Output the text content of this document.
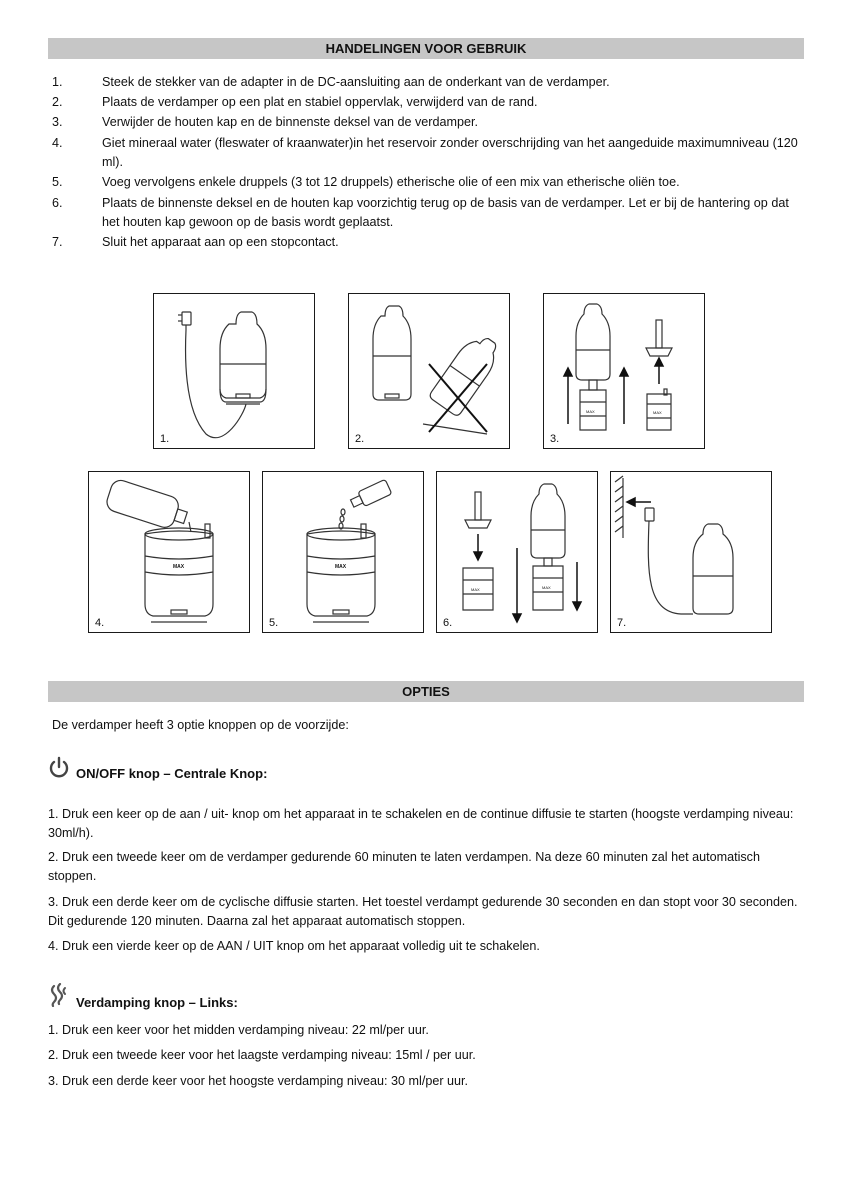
HANDELINGEN VOOR GEBRUIK
1.	Steek de stekker van de adapter in de DC-aansluiting aan de onderkant van de verdamper.
2.	Plaats de verdamper op een plat en stabiel oppervlak, verwijderd van de rand.
3.	Verwijder de houten kap en de binnenste deksel van de verdamper.
4.	Giet mineraal water (fleswater of kraanwater)in het reservoir zonder overschrijding van het aangeduide maximumniveau (120 ml).
5.	Voeg vervolgens enkele druppels (3 tot 12 druppels) etherische olie of een mix van etherische oliën toe.
6.	Plaats de binnenste deksel en de houten kap voorzichtig terug op de basis van de verdamper. Let er bij de hantering op dat het houten kap gewoon op de basis wordt geplaatst.
7.	Sluit het apparaat aan op een stopcontact.
1.	2.
MAX	MAX
3.
MAX
4.
MAX
5.
MAX	MAX
6.	7.
OPTIES
De verdamper heeft 3 optie knoppen op de voorzijde:
ON/OFF knop – Centrale Knop:
1. Druk een keer op de aan / uit- knop om het apparaat in te schakelen en de continue diffusie te starten (hoogste verdamping niveau: 30ml/h).
2. Druk een tweede keer om de verdamper gedurende 60 minuten te laten verdampen. Na deze 60 minuten zal het automatisch stoppen.
3. Druk een derde keer om de cyclische diffusie starten. Het toestel verdampt gedurende 30 seconden en dan stopt voor 30 seconden. Dit gedurende 120 minuten. Daarna zal het apparaat automatisch stoppen.
4. Druk een vierde keer op de AAN / UIT knop om het apparaat volledig uit te schakelen.
Verdamping knop – Links:
1. Druk een keer voor het midden verdamping niveau: 22 ml/per uur.
2. Druk een tweede keer voor het laagste verdamping niveau: 15ml / per uur.
3. Druk een derde keer voor het hoogste verdamping niveau: 30 ml/per uur.
